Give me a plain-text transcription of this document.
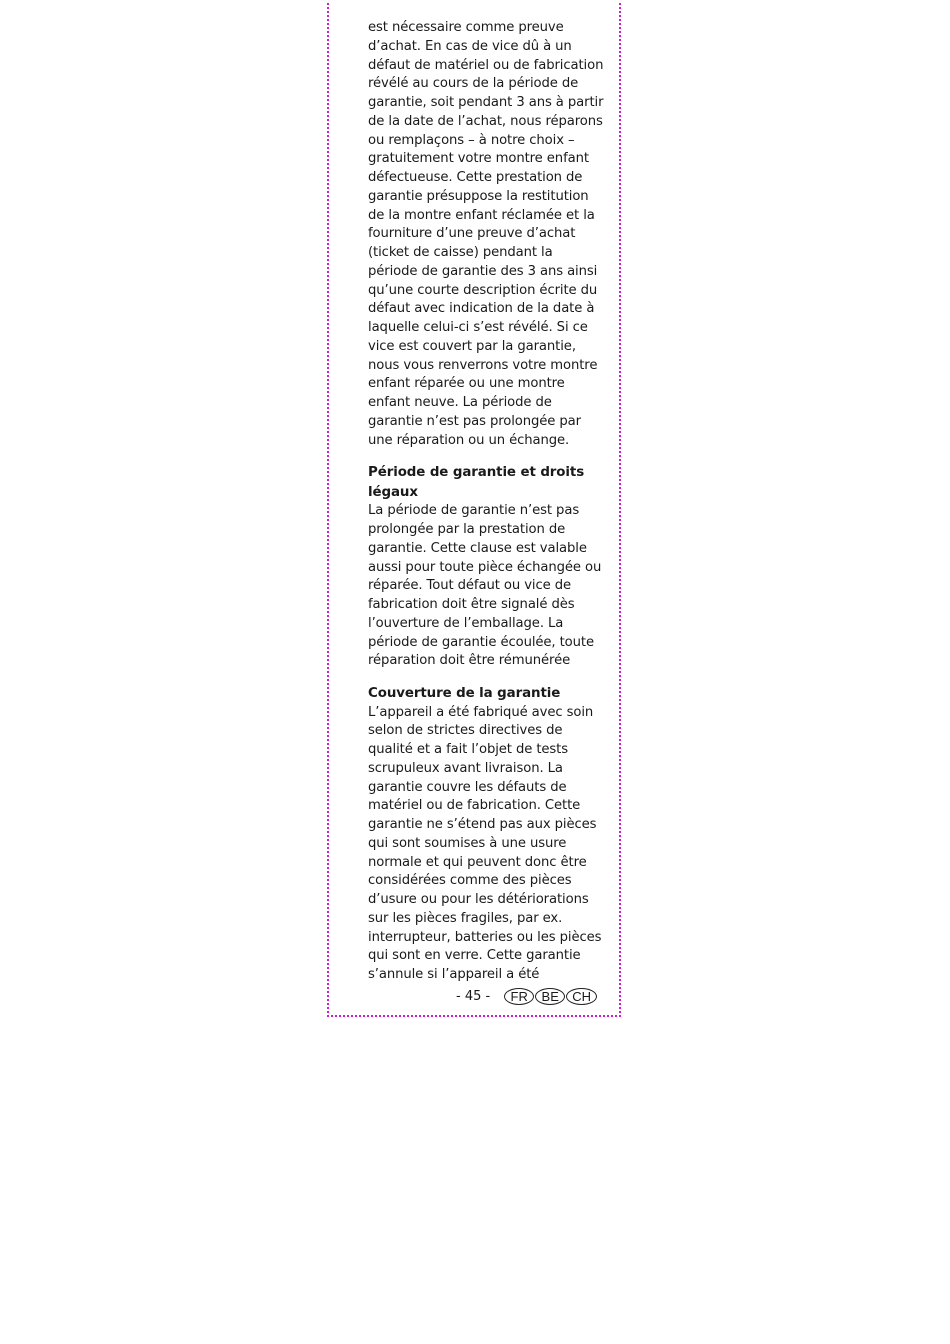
est nécessaire comme preuve d’achat. En cas de vice dû à un défaut de matériel ou de fabrication révélé au cours de la période de garantie, soit pendant 3 ans à partir de la date de l’achat, nous réparons ou remplaçons – à notre choix – gratuitement votre montre enfant défectueuse. Cette prestation de garantie présuppose la restitution de la montre enfant réclamée et la fourniture d’une preuve d’achat (ticket de caisse) pendant la période de garantie des 3 ans ainsi qu’une courte description écrite du défaut avec indication de la date à laquelle celui-ci s’est révélé. Si ce vice est couvert par la garantie, nous vous renverrons votre montre enfant réparée ou une montre enfant neuve. La période de garantie n’est pas prolongée par une réparation ou un échange.

Période de garantie et droits légaux

La période de garantie n’est pas prolongée par la prestation de garantie. Cette clause est valable aussi pour toute pièce échangée ou réparée. Tout défaut ou vice de fabrication doit être signalé dès l’ouverture de l’emballage. La période de garantie écoulée, toute réparation doit être rémunérée

Couverture de la garantie

L’appareil a été fabriqué avec soin selon de strictes directives de qualité et a fait l’objet de tests scrupuleux avant livraison. La garantie couvre les défauts de matériel ou de fabrication. Cette garantie ne s’étend pas aux pièces qui sont soumises à une usure normale et qui peuvent donc être considérées comme des pièces d’usure ou pour les détériorations sur les pièces fragiles, par ex. interrupteur, batteries ou les pièces qui sont en verre. Cette garantie s’annule si l’appareil a été

- 45 -	FR	BE	CH
